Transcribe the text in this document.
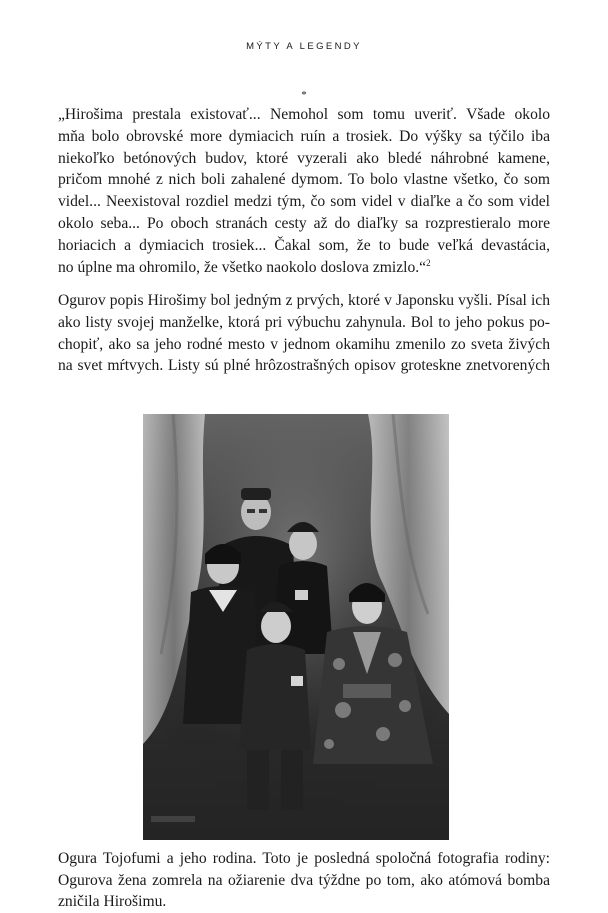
MÝTY A LEGENDY
*

„Hirošima prestala existovať... Nemohol som tomu uveriť. Všade okolo
mňa bolo obrovské more dymiacich ruín a trosiek. Do výšky sa týčilo iba
niekoľko betónových budov, ktoré vyzerali ako bledé náhrobné kamene,
pričom mnohé z nich boli zahalené dymom. To bolo vlastne všetko, čo som
videl... Neexistoval rozdiel medzi tým, čo som videl v diaľke a čo som videl
okolo seba... Po oboch stranách cesty až do diaľky sa rozprestieralo more
horiacich a dymiacich trosiek... Čakal som, že to bude veľká devastácia,
no úplne ma ohromilo, že všetko naokolo doslova zmizlo.“$^2$

Ogurov popis Hirošimy bol jedným z prvých, ktoré v Japonsku vyšli. Písal ich
ako listy svojej manželke, ktorá pri výbuchu zahynula. Bol to jeho pokus po-
chopiť, ako sa jeho rodné mesto v jednom okamihu zmenilo zo sveta živých
na svet mŕtvych. Listy sú plné hrôzostrašných opisov groteskne znetvorených

Ogura Tojofumi a jeho rodina. Toto je posledná spoločná fotografia rodiny:
Ogurova žena zomrela na ožiarenie dva týždne po tom, ako atómová bomba
zničila Hirošimu.
